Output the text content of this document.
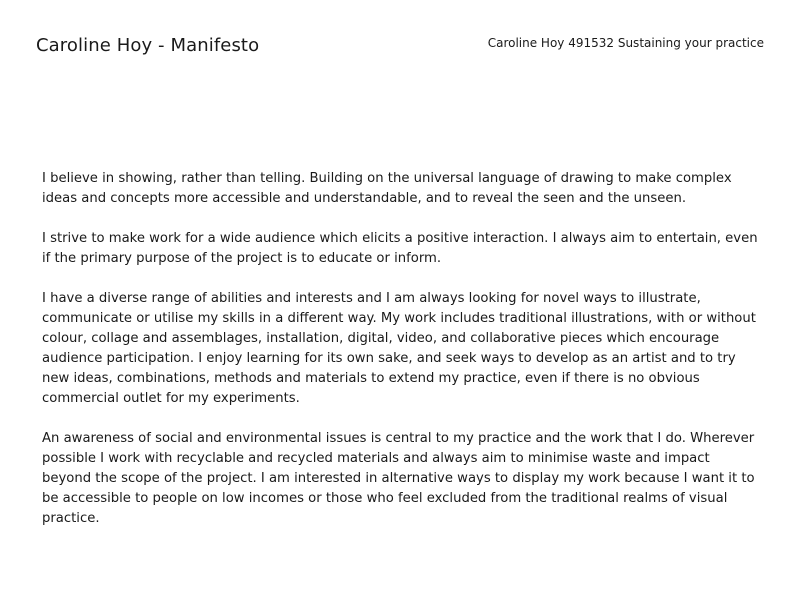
Caroline Hoy - Manifesto	Caroline Hoy 491532 Sustaining your practice

I believe in showing, rather than telling. Building on the universal language of drawing to make complex ideas and concepts more accessible and understandable, and to reveal the seen and the unseen.

I strive to make work for a wide audience which elicits a positive interaction. I always aim to entertain, even if the primary purpose of the project is to educate or inform.

I have a diverse range of abilities and interests and I am always looking for novel ways to illustrate, communicate or utilise my skills in a different way. My work includes traditional illustrations, with or without colour, collage and assemblages, installation, digital, video, and collaborative pieces which encourage audience participation. I enjoy learning for its own sake, and seek ways to develop as an artist and to try new ideas, combinations, methods and materials to extend my practice, even if there is no obvious commercial outlet for my experiments.

An awareness of social and environmental issues is central to my practice and the work that I do. Wherever possible I work with recyclable and recycled materials and always aim to minimise waste and impact beyond the scope of the project. I am interested in alternative ways to display my work because I want it to be accessible to people on low incomes or those who feel excluded from the traditional realms of visual practice.
